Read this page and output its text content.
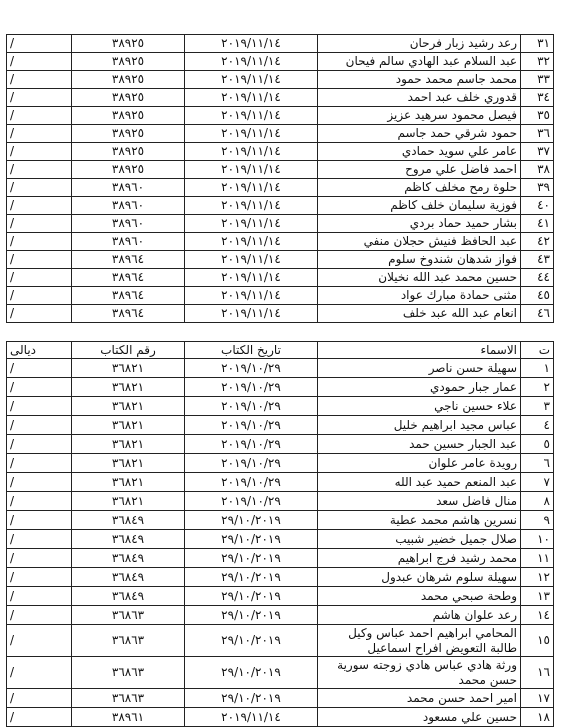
٣١	رعد رشيد زبار فرحان	٢٠١٩/١١/١٤	٣٨٩٢٥	/
٣٢	عبد السلام عبد الهادي سالم فيحان	٢٠١٩/١١/١٤	٣٨٩٢٥	/
٣٣	محمد جاسم محمد حمود	٢٠١٩/١١/١٤	٣٨٩٢٥	/
٣٤	قدوري خلف عبد احمد	٢٠١٩/١١/١٤	٣٨٩٢٥	/
٣٥	فيصل محمود سرهيد عزيز	٢٠١٩/١١/١٤	٣٨٩٢٥	/
٣٦	حمود شرقي حمد جاسم	٢٠١٩/١١/١٤	٣٨٩٢٥	/
٣٧	عامر علي سويد حمادي	٢٠١٩/١١/١٤	٣٨٩٢٥	/
٣٨	احمد فاضل علي مروح	٢٠١٩/١١/١٤	٣٨٩٢٥	/
٣٩	حلوة رمح مخلف كاظم	٢٠١٩/١١/١٤	٣٨٩٦٠	/
٤٠	فوزية سليمان خلف كاظم	٢٠١٩/١١/١٤	٣٨٩٦٠	/
٤١	بشار حميد حماد بردي	٢٠١٩/١١/١٤	٣٨٩٦٠	/
٤٢	عبد الحافظ فنيش حجلان منفي	٢٠١٩/١١/١٤	٣٨٩٦٠	/
٤٣	فواز شدهان شندوخ سلوم	٢٠١٩/١١/١٤	٣٨٩٦٤	/
٤٤	حسين محمد عبد الله نخيلان	٢٠١٩/١١/١٤	٣٨٩٦٤	/
٤٥	مثنى حمادة مبارك عواد	٢٠١٩/١١/١٤	٣٨٩٦٤	/
٤٦	انعام عبد الله عبد خلف	٢٠١٩/١١/١٤	٣٨٩٦٤	/
ت	الاسماء	تاريخ الكتاب	رقم الكتاب	ديالى
١	سهيلة حسن ناصر	٢٠١٩/١٠/٢٩	٣٦٨٢١	/
٢	عمار جبار حمودي	٢٠١٩/١٠/٢٩	٣٦٨٢١	/
٣	علاء حسين ناجي	٢٠١٩/١٠/٢٩	٣٦٨٢١	/
٤	عباس مجيد ابراهيم خليل	٢٠١٩/١٠/٢٩	٣٦٨٢١	/
٥	عبد الجبار حسين حمد	٢٠١٩/١٠/٢٩	٣٦٨٢١	/
٦	رويدة عامر علوان	٢٠١٩/١٠/٢٩	٣٦٨٢١	/
٧	عبد المنعم حميد عبد الله	٢٠١٩/١٠/٢٩	٣٦٨٢١	/
٨	منال فاضل سعد	٢٠١٩/١٠/٢٩	٣٦٨٢١	/
٩	نسرين هاشم محمد عطية	٢٩/١٠/٢٠١٩	٣٦٨٤٩	/
١٠	صلال جميل خضير شبيب	٢٩/١٠/٢٠١٩	٣٦٨٤٩	/
١١	محمد رشيد فرج ابراهيم	٢٩/١٠/٢٠١٩	٣٦٨٤٩	/
١٢	سهيلة سلوم شرهان عبدول	٢٩/١٠/٢٠١٩	٣٦٨٤٩	/
١٣	وطحة صبحي محمد	٢٩/١٠/٢٠١٩	٣٦٨٤٩	/
١٤	رعد علوان هاشم	٢٩/١٠/٢٠١٩	٣٦٨٦٣	/
١٥	المحامي ابراهيم احمد عباس وكيل طالبة التعويض افراح اسماعيل	٢٩/١٠/٢٠١٩	٣٦٨٦٣	/
١٦	ورثة هادي عباس هادي زوجته سورية حسن محمد	٢٩/١٠/٢٠١٩	٣٦٨٦٣	/
١٧	امير احمد حسن محمد	٢٩/١٠/٢٠١٩	٣٦٨٦٣	/
١٨	حسين علي مسعود	٢٠١٩/١١/١٤	٣٨٩٦١	/
